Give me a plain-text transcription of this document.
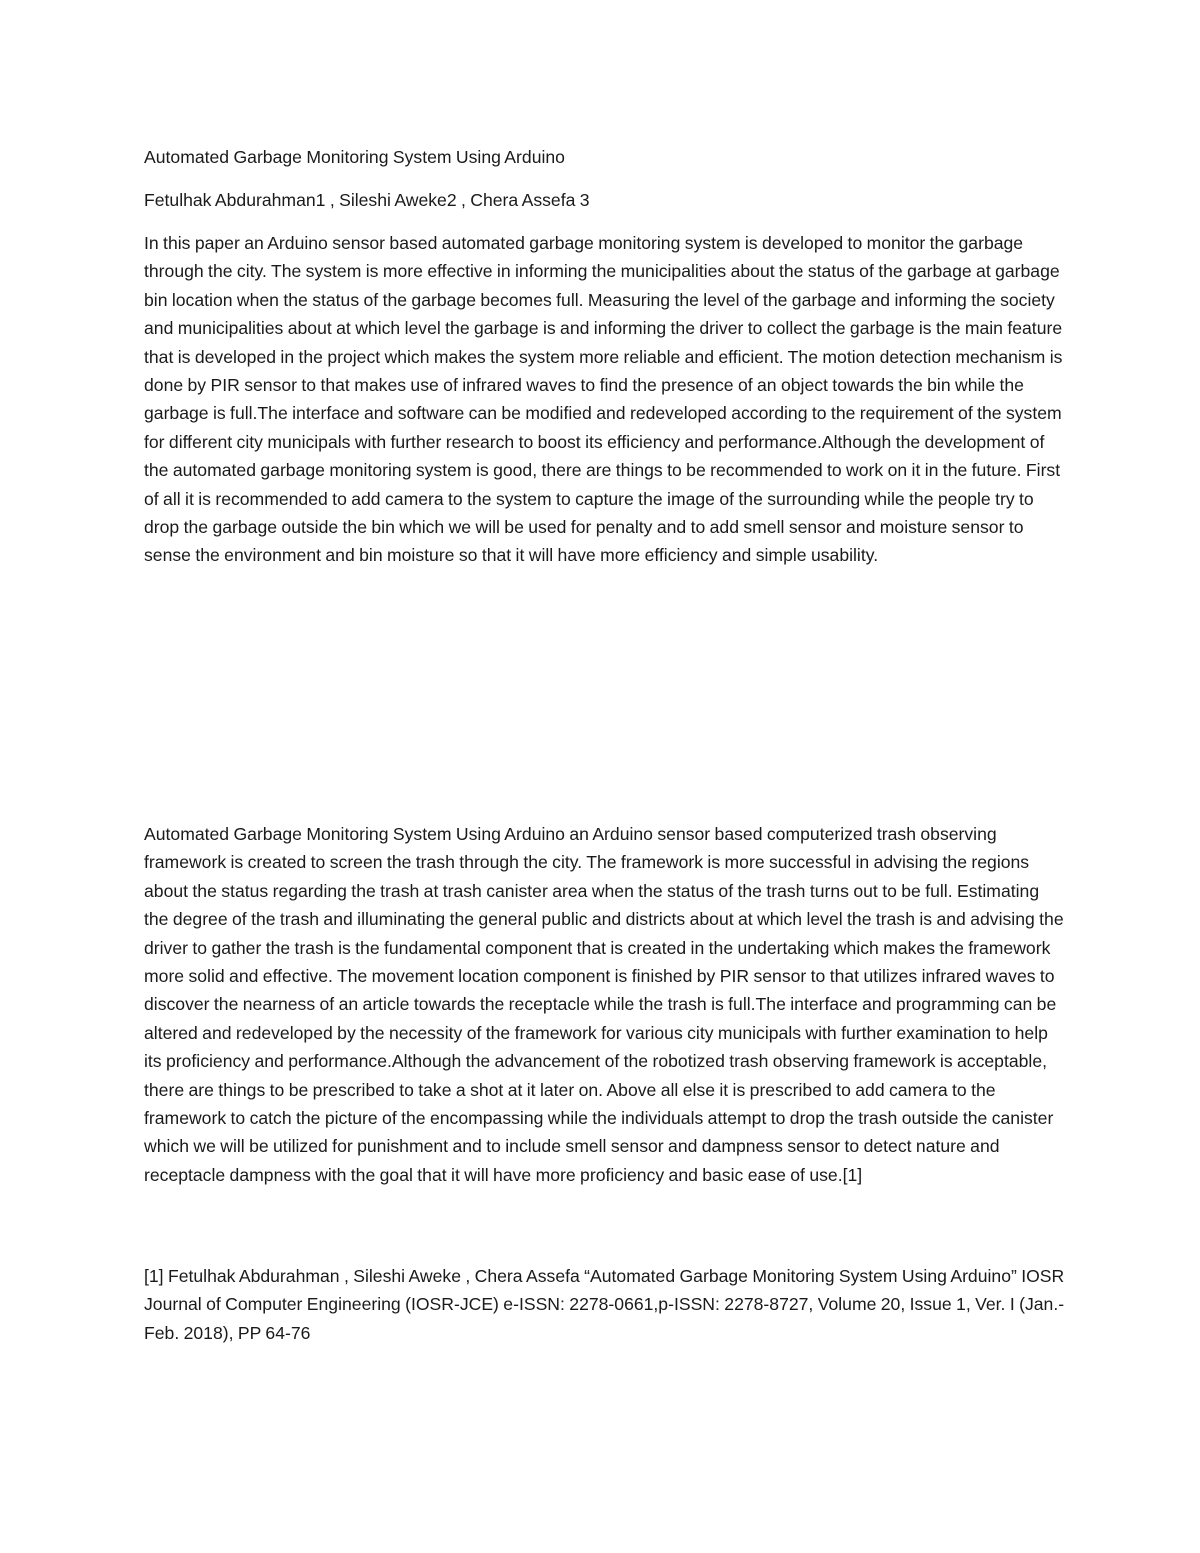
Automated Garbage Monitoring System Using Arduino

Fetulhak Abdurahman1 , Sileshi Aweke2 , Chera Assefa 3

In this paper an Arduino sensor based automated garbage monitoring system is developed to monitor the garbage through the city. The system is more effective in informing the municipalities about the status of the garbage at garbage bin location when the status of the garbage becomes full. Measuring the level of the garbage and informing the society and municipalities about at which level the garbage is and informing the driver to collect the garbage is the main feature that is developed in the project which makes the system more reliable and efficient. The motion detection mechanism is done by PIR sensor to that makes use of infrared waves to find the presence of an object towards the bin while the garbage is full.The interface and software can be modified and redeveloped according to the requirement of the system for different city municipals with further research to boost its efficiency and performance.Although the development of the automated garbage monitoring system is good, there are things to be recommended to work on it in the future. First of all it is recommended to add camera to the system to capture the image of the surrounding while the people try to drop the garbage outside the bin which we will be used for penalty and to add smell sensor and moisture sensor to sense the environment and bin moisture so that it will have more efficiency and simple usability.

Automated Garbage Monitoring System Using Arduino an Arduino sensor based computerized trash observing framework is created to screen the trash through the city. The framework is more successful in advising the regions about the status regarding the trash at trash canister area when the status of the trash turns out to be full. Estimating the degree of the trash and illuminating the general public and districts about at which level the trash is and advising the driver to gather the trash is the fundamental component that is created in the undertaking which makes the framework more solid and effective. The movement location component is finished by PIR sensor to that utilizes infrared waves to discover the nearness of an article towards the receptacle while the trash is full.The interface and programming can be altered and redeveloped by the necessity of the framework for various city municipals with further examination to help its proficiency and performance.Although the advancement of the robotized trash observing framework is acceptable, there are things to be prescribed to take a shot at it later on. Above all else it is prescribed to add camera to the framework to catch the picture of the encompassing while the individuals attempt to drop the trash outside the canister which we will be utilized for punishment and to include smell sensor and dampness sensor to detect nature and receptacle dampness with the goal that it will have more proficiency and basic ease of use.[1]

[1] Fetulhak Abdurahman , Sileshi Aweke , Chera Assefa “Automated Garbage Monitoring System Using Arduino” IOSR Journal of Computer Engineering (IOSR-JCE) e-ISSN: 2278-0661,p-ISSN: 2278-8727, Volume 20, Issue 1, Ver. I (Jan.- Feb. 2018), PP 64-76
